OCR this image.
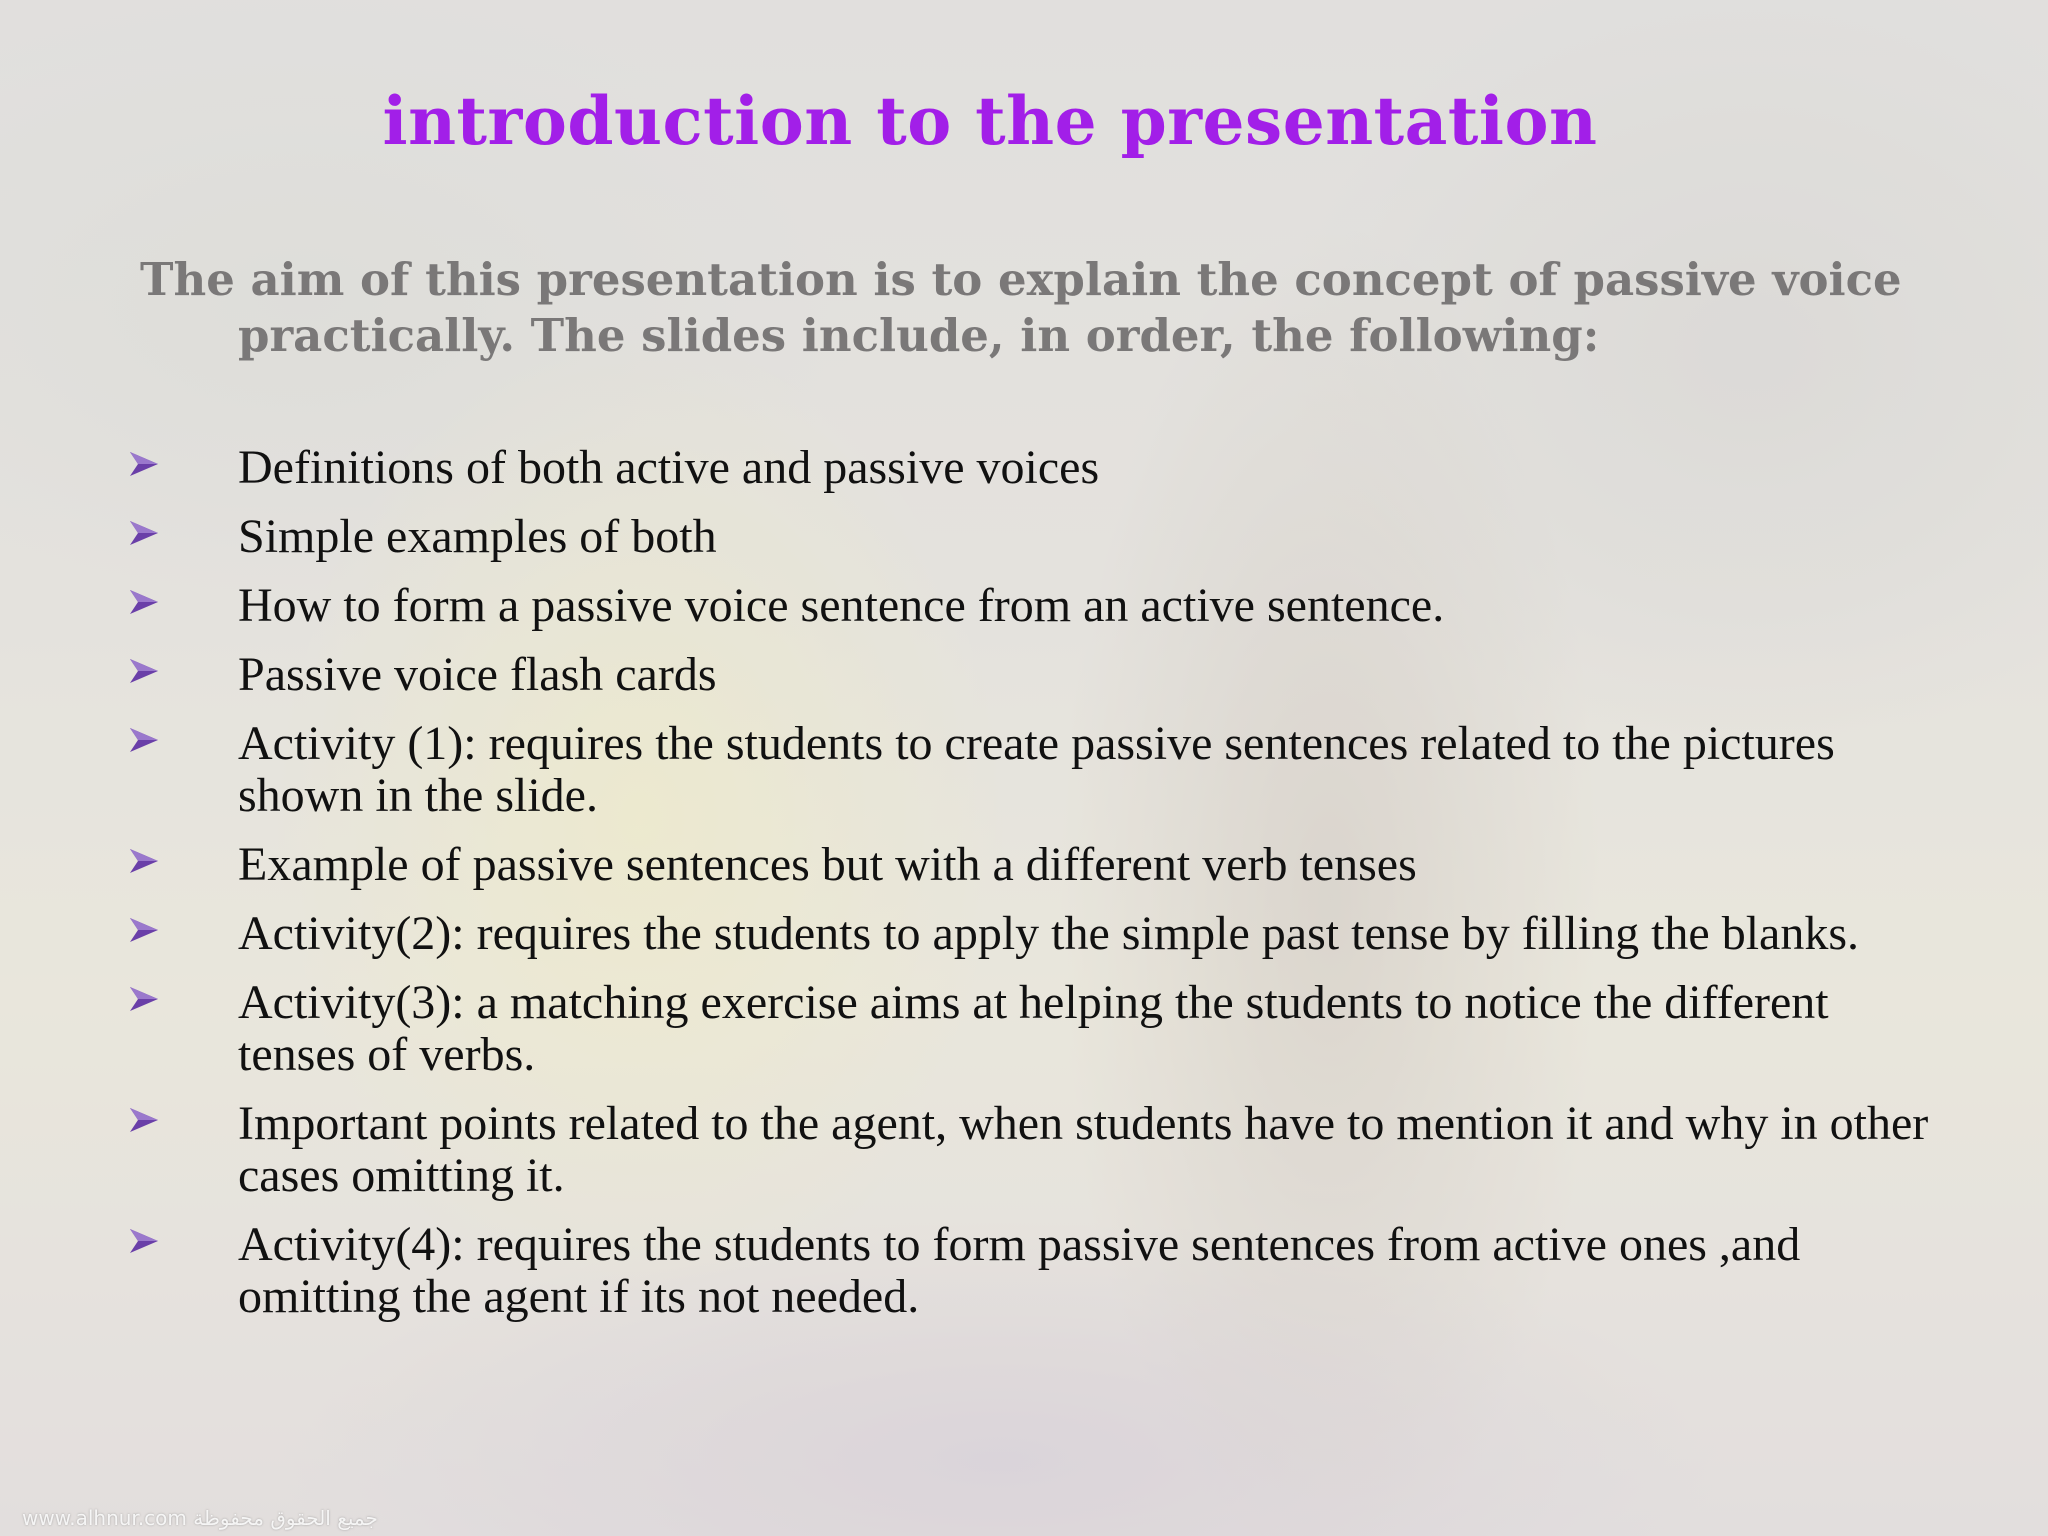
introduction to the presentation

The aim of this presentation is to explain the concept of passive voice
practically. The slides include, in order, the following:

Definitions of both active and passive voices
Simple examples of both
How to form a passive voice sentence from an active sentence.
Passive voice flash cards
Activity (1): requires the students to create passive sentences related to the pictures shown in the slide.
Example of passive sentences but with a different verb tenses
Activity(2): requires the students to apply the simple past tense by filling the blanks.
Activity(3): a matching exercise aims at helping the students to notice the different tenses of verbs.
Important points related to the agent, when students have to mention it and why in other cases omitting it.
Activity(4): requires the students to form passive sentences from active ones ,and omitting the agent if its not needed.
www.alhnur.com جميع الحقوق محفوظة
